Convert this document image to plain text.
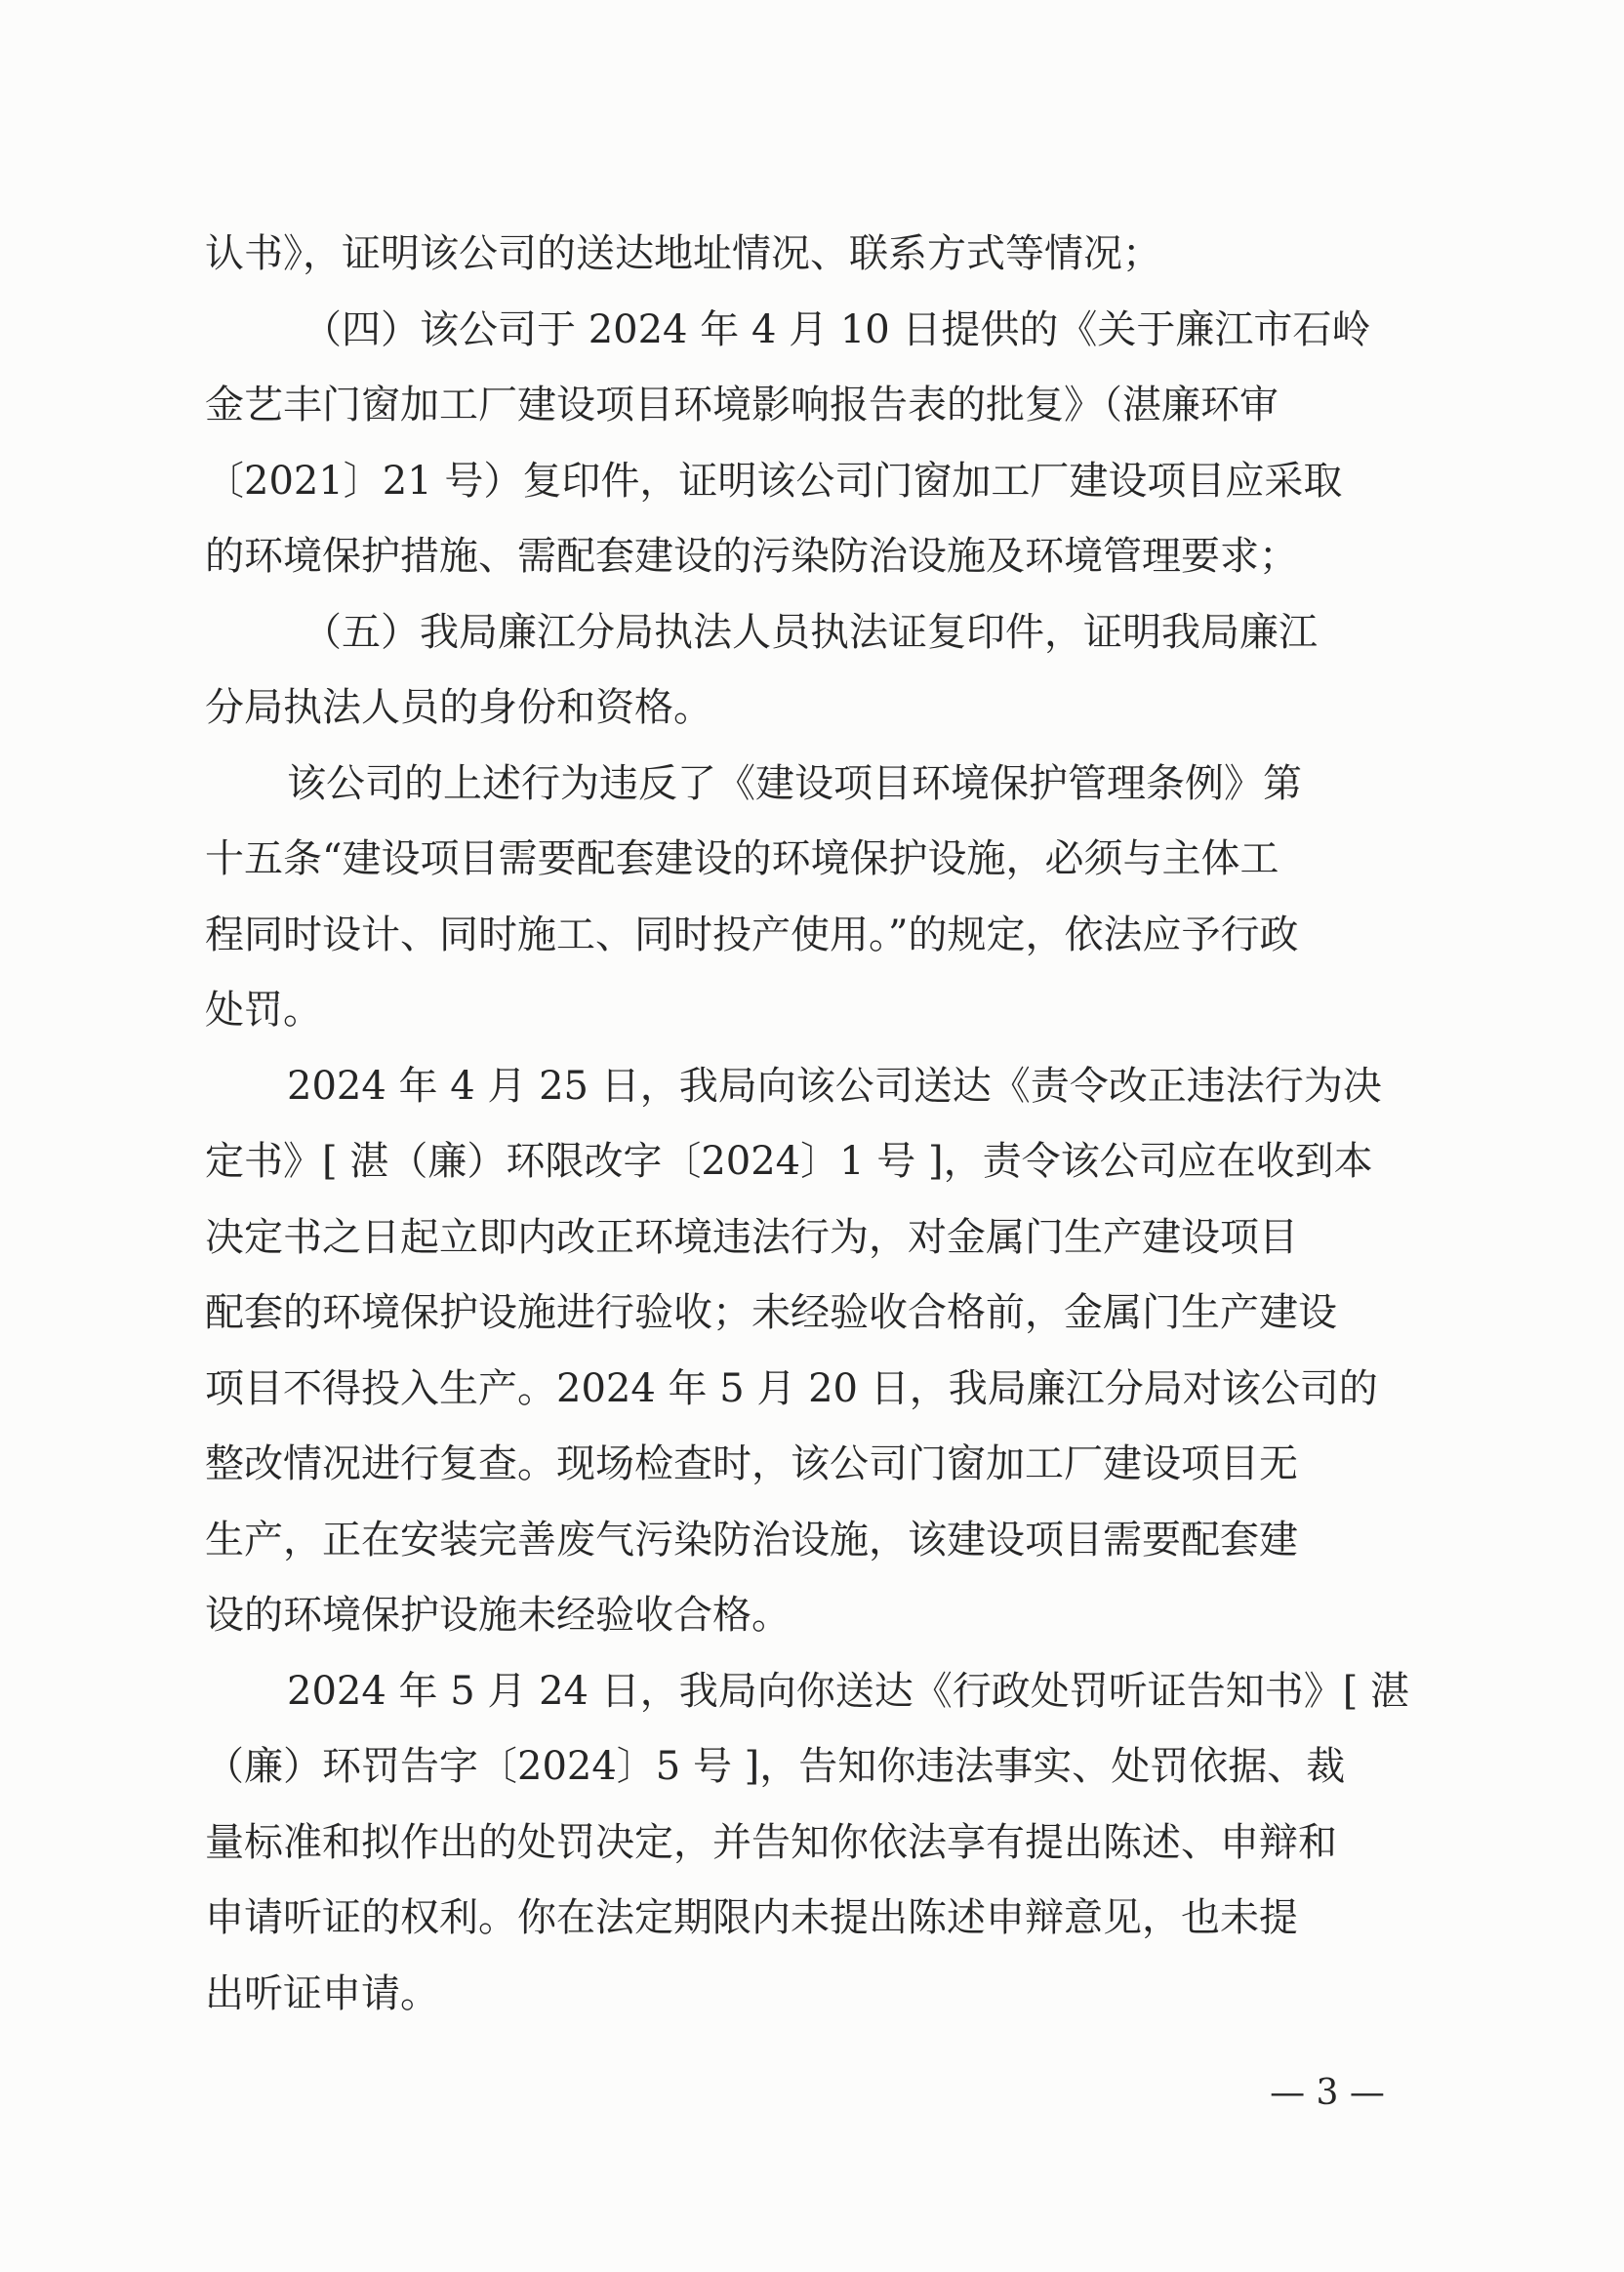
认书》，证明该公司的送达地址情况、联系方式等情况；
（四）该公司于 2024 年 4 月 10 日提供的《关于廉江市石岭
金艺丰门窗加工厂建设项目环境影响报告表的批复》（湛廉环审
〔2021〕21 号）复印件，证明该公司门窗加工厂建设项目应采取
的环境保护措施、需配套建设的污染防治设施及环境管理要求；
（五）我局廉江分局执法人员执法证复印件，证明我局廉江
分局执法人员的身份和资格。
该公司的上述行为违反了《建设项目环境保护管理条例》第
十五条“建设项目需要配套建设的环境保护设施，必须与主体工
程同时设计、同时施工、同时投产使用。”的规定，依法应予行政
处罚。
2024 年 4 月 25 日，我局向该公司送达《责令改正违法行为决
定书》[ 湛（廉）环限改字〔2024〕1 号 ]，责令该公司应在收到本
决定书之日起立即内改正环境违法行为，对金属门生产建设项目
配套的环境保护设施进行验收；未经验收合格前，金属门生产建设
项目不得投入生产。2024 年 5 月 20 日，我局廉江分局对该公司的
整改情况进行复查。现场检查时，该公司门窗加工厂建设项目无
生产，正在安装完善废气污染防治设施，该建设项目需要配套建
设的环境保护设施未经验收合格。
2024 年 5 月 24 日，我局向你送达《行政处罚听证告知书》[ 湛
（廉）环罚告字〔2024〕5 号 ]，告知你违法事实、处罚依据、裁
量标准和拟作出的处罚决定，并告知你依法享有提出陈述、申辩和
申请听证的权利。你在法定期限内未提出陈述申辩意见，也未提
出听证申请。
— 3 —
